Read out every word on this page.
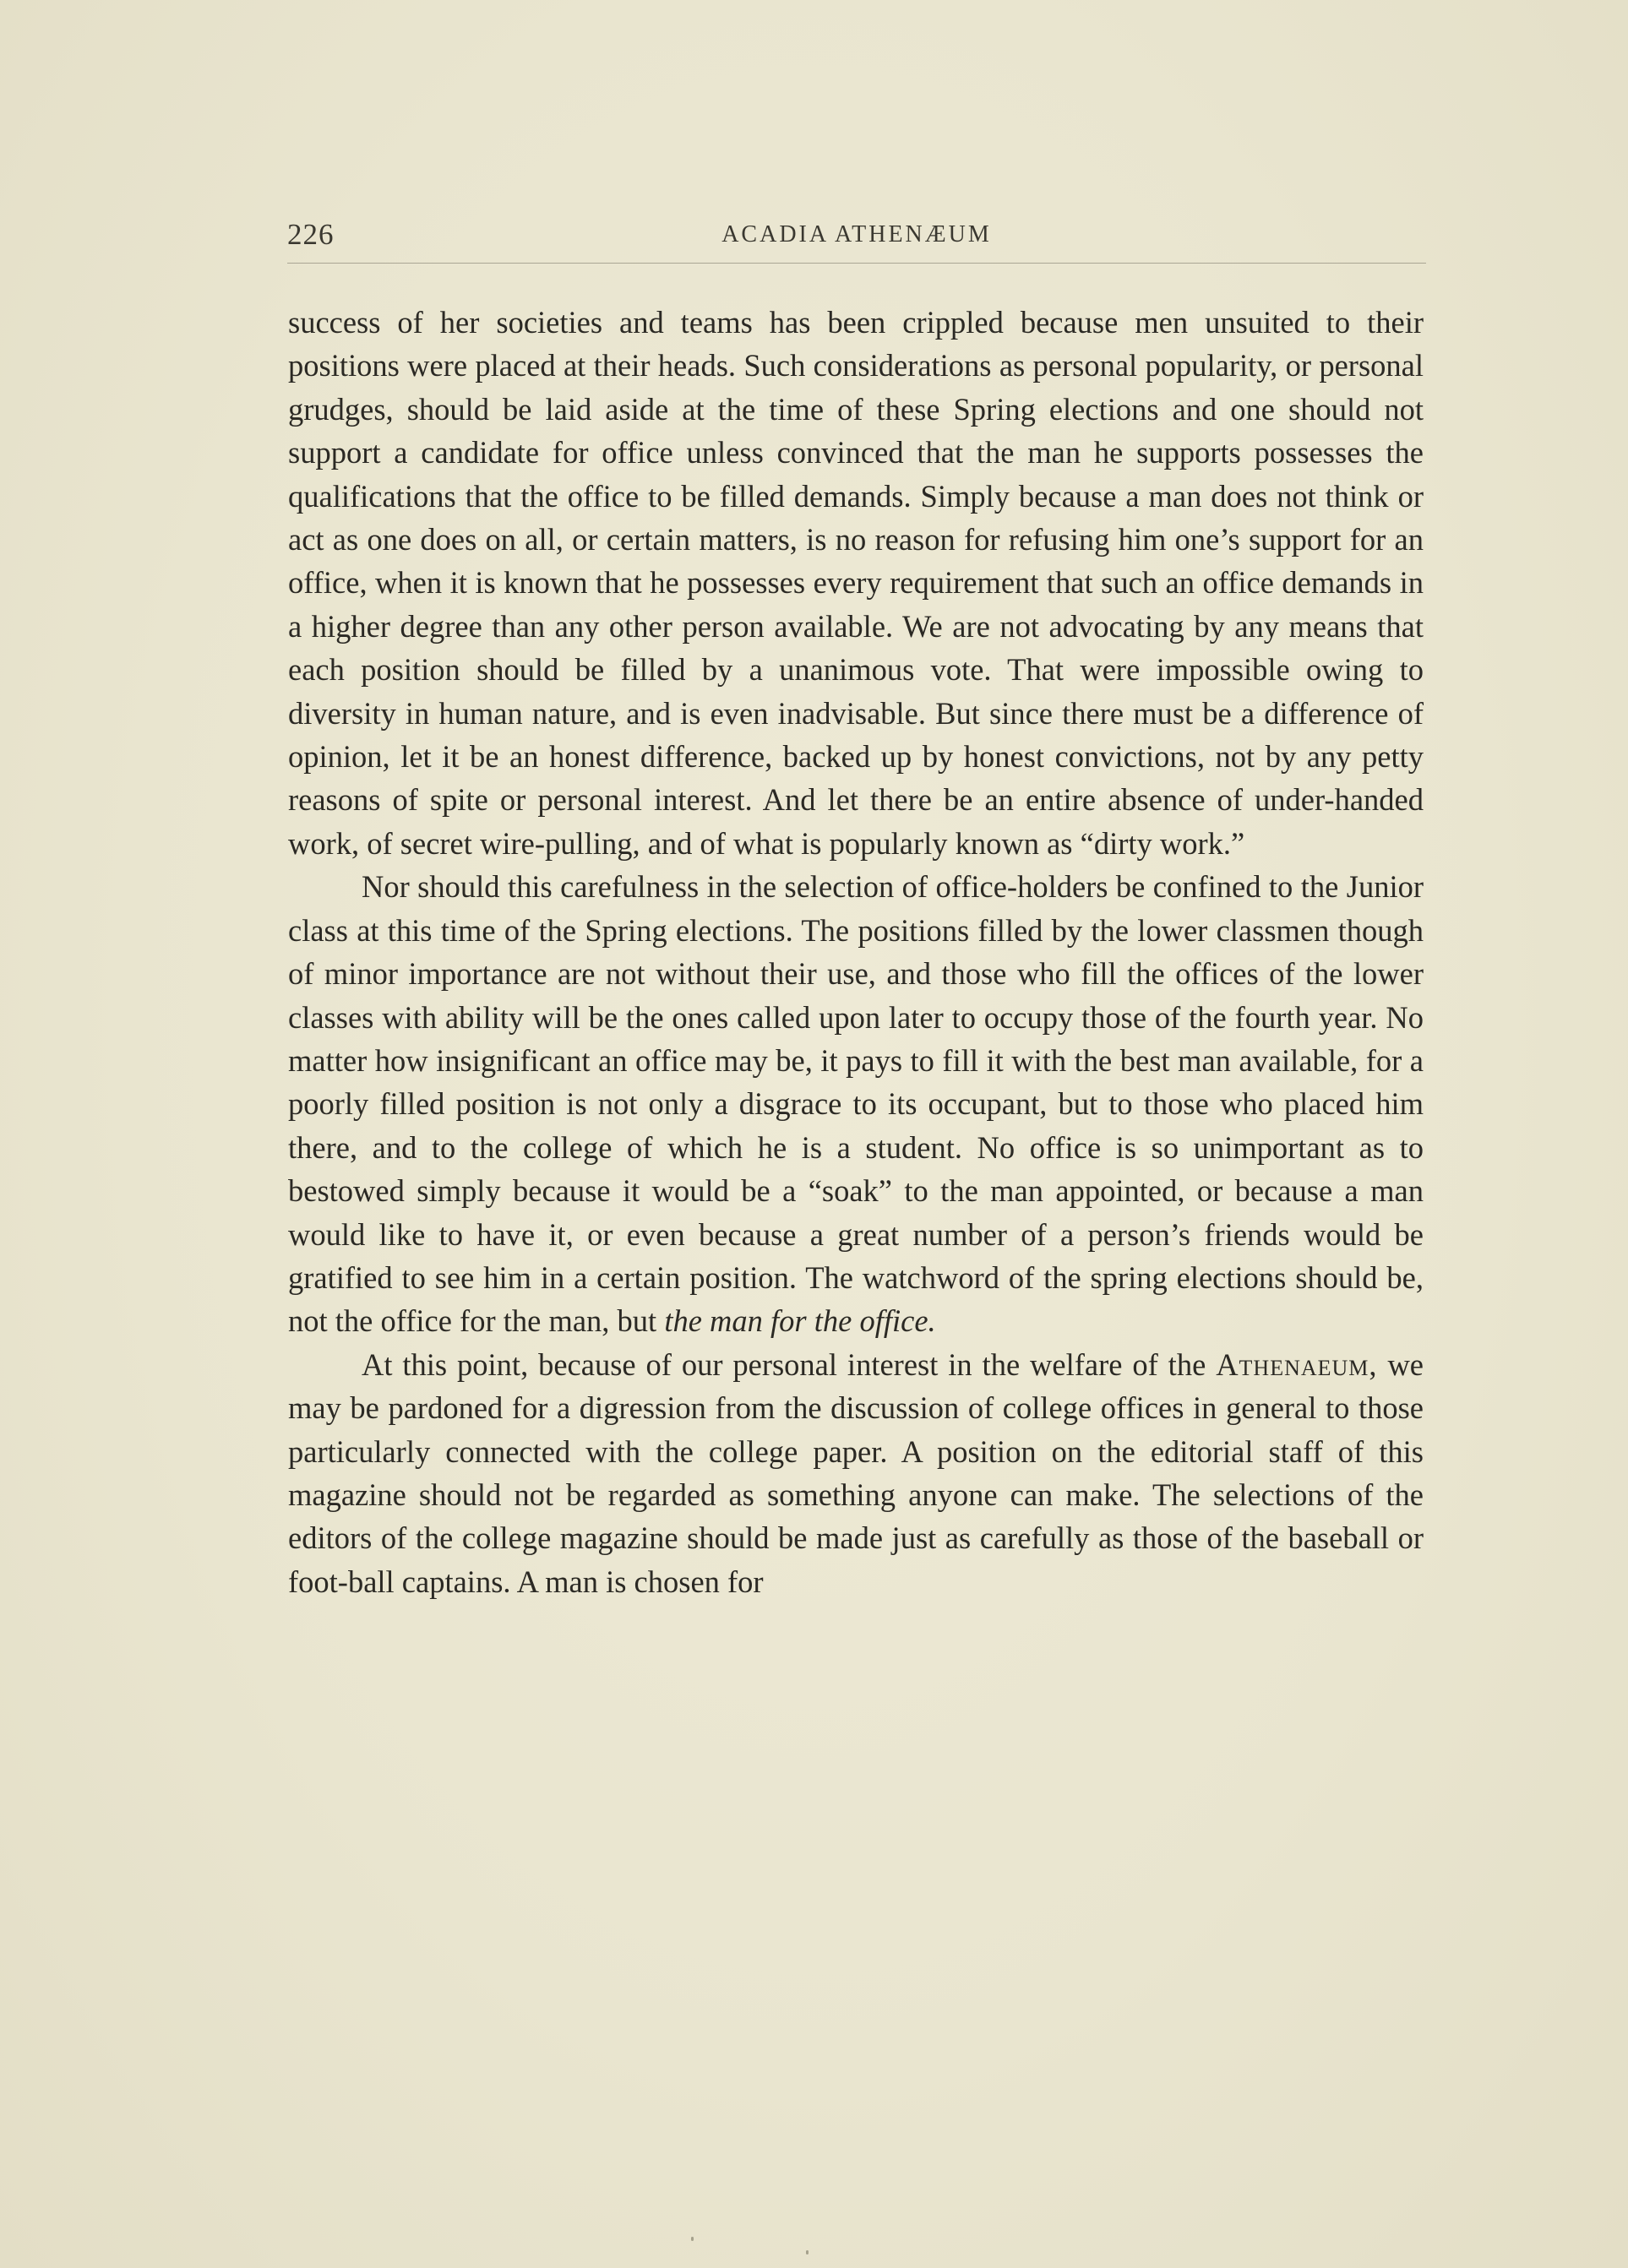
226	ACADIA ATHENÆUM

success of her societies and teams has been crippled because men unsuited to their positions were placed at their heads. Such considerations as personal popularity, or personal grudges, should be laid aside at the time of these Spring elections and one should not support a candidate for office unless convinced that the man he supports possesses the qualifications that the office to be filled demands. Simply because a man does not think or act as one does on all, or certain matters, is no reason for refusing him one’s support for an office, when it is known that he possesses every requirement that such an office demands in a higher degree than any other person available. We are not advocating by any means that each position should be filled by a unanimous vote. That were impossible owing to diversity in human nature, and is even inadvisable. But since there must be a difference of opinion, let it be an honest difference, backed up by honest convictions, not by any petty reasons of spite or personal interest. And let there be an entire absence of under-handed work, of secret wire-pulling, and of what is popularly known as “dirty work.”

Nor should this carefulness in the selection of office-holders be confined to the Junior class at this time of the Spring elections. The positions filled by the lower classmen though of minor importance are not without their use, and those who fill the offices of the lower classes with ability will be the ones called upon later to occupy those of the fourth year. No matter how insignificant an office may be, it pays to fill it with the best man available, for a poorly filled position is not only a disgrace to its occupant, but to those who placed him there, and to the college of which he is a student. No office is so unimportant as to bestowed simply because it would be a “soak” to the man appointed, or because a man would like to have it, or even because a great number of a person’s friends would be gratified to see him in a certain position. The watchword of the spring elections should be, not the office for the man, but the man for the office.

At this point, because of our personal interest in the welfare of the Athenaeum, we may be pardoned for a digression from the discussion of college offices in general to those particularly connected with the college paper. A position on the editorial staff of this magazine should not be regarded as something anyone can make. The selections of the editors of the college magazine should be made just as carefully as those of the baseball or foot-ball captains. A man is chosen for
